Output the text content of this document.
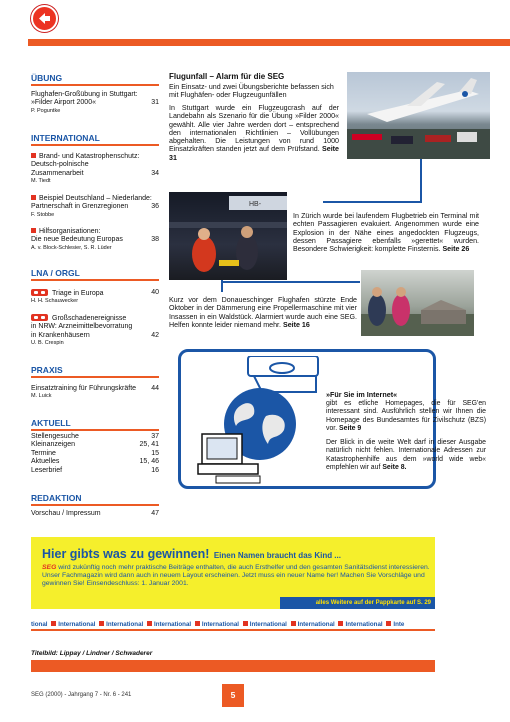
ÜBUNG
Flughafen-Großübung in Stuttgart:
»Filder Airport 2000«	31
P. Poguntke
INTERNATIONAL
Brand- und Katastrophenschutz:
Deutsch-polnische
Zusammenarbeit	34
M. Tiedt
Beispiel Deutschland – Niederlande:
Partnerschaft in Grenzregionen	36
F. Stobbe
Hilfsorganisationen:
Die neue Bedeutung Europas	38
A. v. Block-Schlesier, S. R. Lüder
LNA / ORGL
Triage in Europa	40
H. H. Schauwecker
Großschadenereignisse
in NRW: Arzneimittelbevorratung
in Krankenhäusern	42
U. B. Crespin
PRAXIS
Einsatztraining für Führungskräfte 44
M. Luick
AKTUELL
Stellengesuche	37
Kleinanzeigen	25, 41
Termine	15
Aktuelles	15, 46
Leserbrief	16
REDAKTION
Vorschau / Impressum	47
Flugunfall – Alarm für die SEG
Ein Einsatz- und zwei Übungsberichte befassen sich mit Flughäfen- oder Flugzeugunfällen
In Stuttgart wurde ein Flugzeugcrash auf der Landebahn als Szenario für die Übung »Filder 2000« gewählt. Alle vier Jahre werden dort – entsprechend den internationalen Richtlinien – Vollübungen abgehalten. Die Leistungen von rund 1000 Einsatzkräften standen jetzt auf dem Prüfstand. Seite 31
HB-
In Zürich wurde bei laufendem Flugbetrieb ein Terminal mit echten Passagieren evakuiert. Angenommen wurde eine Explosion in der Nähe eines angedockten Flugzeugs, dessen Passagiere ebenfalls »gerettet« wurden. Besondere Schwierigkeit: komplette Finsternis. Seite 26
Kurz vor dem Donaueschinger Flughafen stürzte Ende Oktober in der Dämmerung eine Propellermaschine mit vier Insassen in ein Waldstück. Alarmiert wurde auch eine SEG. Helfen konnte leider niemand mehr. Seite 16
»Für Sie im Internet«
gibt es etliche Homepages, die für SEG'en interessant sind. Ausführlich stellen wir Ihnen die Homepage des Bundesamtes für Zivilschutz (BZS) vor. Seite 9
Der Blick in die weite Welt darf in dieser Ausgabe natürlich nicht fehlen. Internationale Adressen zur Katastrophenhilfe aus dem »world wide web« empfehlen wir auf Seite 8.
Hier gibts was zu gewinnen! Einen Namen braucht das Kind ...
SEG wird zukünftig noch mehr praktische Beiträge enthalten, die auch Ersthelfer und den gesamten Sanitätsdienst interessieren. Unser Fachmagazin wird dann auch in neuem Layout erscheinen. Jetzt muss ein neuer Name her! Machen Sie Vorschläge und gewinnen Sie! Einsendeschluss: 1. Januar 2001.
alles Weitere auf der Pappkarte auf S. 29
tional International International International International International International International Inte
Titelbild: Lippay / Lindner / Schwaderer
SEG (2000) - Jahrgang 7 - Nr. 6 - 241	5
